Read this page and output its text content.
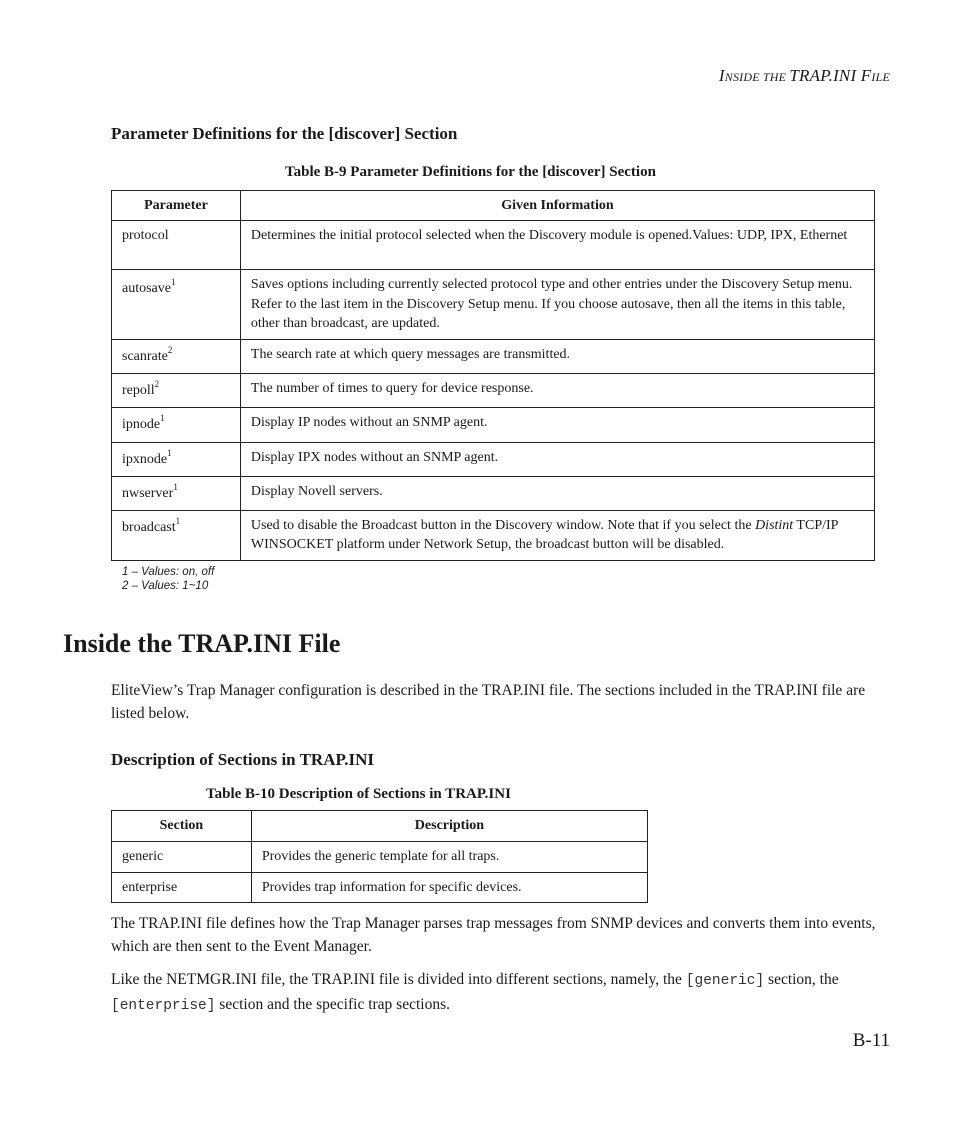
INSIDE THE TRAP.INI FILE
Parameter Definitions for the [discover] Section
Table B-9 Parameter Definitions for the [discover] Section
Parameter	Given Information

protocol	Determines the initial protocol selected when the Discovery module is opened.Values: UDP, IPX, Ethernet

autosave$^1$	Saves options including currently selected protocol type and other entries under the Discovery Setup menu. Refer to the last item in the Discovery Setup menu. If you choose autosave, then all the items in this table, other than broadcast, are updated.

scanrate$^2$	The search rate at which query messages are transmitted.

repoll$^2$	The number of times to query for device response.

ipnode$^1$	Display IP nodes without an SNMP agent.

ipxnode$^1$	Display IPX nodes without an SNMP agent.

nwserver$^1$	Display Novell servers.

broadcast$^1$	Used to disable the Broadcast button in the Discovery window. Note that if you select the Distint TCP/IP WINSOCKET platform under Network Setup, the broadcast button will be disabled.
1 – Values: on, off
2 – Values: 1~10
Inside the TRAP.INI File
EliteView’s Trap Manager configuration is described in the TRAP.INI file. The sections included in the TRAP.INI file are listed below.
Description of Sections in TRAP.INI
Table B-10 Description of Sections in TRAP.INI
Section	Description

generic	Provides the generic template for all traps.

enterprise	Provides trap information for specific devices.
The TRAP.INI file defines how the Trap Manager parses trap messages from SNMP devices and converts them into events, which are then sent to the Event Manager.
Like the NETMGR.INI file, the TRAP.INI file is divided into different sections, namely, the [generic] section, the [enterprise] section and the specific trap sections.
B-11
